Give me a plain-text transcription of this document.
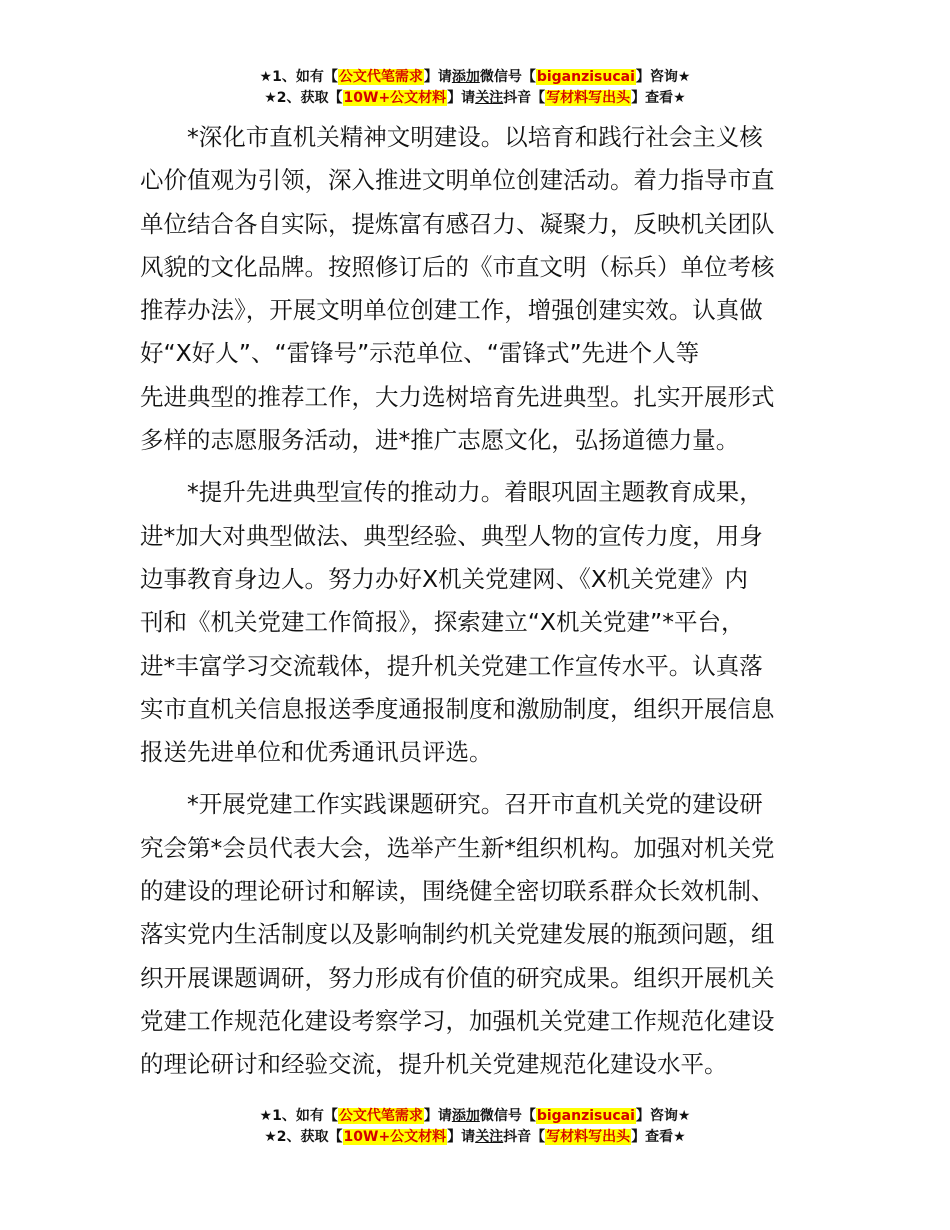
★1、如有【公文代笔需求】请添加微信号【biganzisucai】咨询★
★2、获取【10W+公文材料】请关注抖音【写材料写出头】查看★
*深化市直机关精神文明建设。以培育和践行社会主义核
心价值观为引领，深入推进文明单位创建活动。着力指导市直
单位结合各自实际，提炼富有感召力、凝聚力，反映机关团队
风貌的文化品牌。按照修订后的《市直文明（标兵）单位考核
推荐办法》，开展文明单位创建工作，增强创建实效。认真做
好“X好人”、“雷锋号”示范单位、“雷锋式”先进个人等
先进典型的推荐工作，大力选树培育先进典型。扎实开展形式
多样的志愿服务活动，进*推广志愿文化，弘扬道德力量。
*提升先进典型宣传的推动力。着眼巩固主题教育成果，
进*加大对典型做法、典型经验、典型人物的宣传力度，用身
边事教育身边人。努力办好X机关党建网、《X机关党建》内
刊和《机关党建工作简报》，探索建立“X机关党建”*平台，
进*丰富学习交流载体，提升机关党建工作宣传水平。认真落
实市直机关信息报送季度通报制度和激励制度，组织开展信息
报送先进单位和优秀通讯员评选。
*开展党建工作实践课题研究。召开市直机关党的建设研
究会第*会员代表大会，选举产生新*组织机构。加强对机关党
的建设的理论研讨和解读，围绕健全密切联系群众长效机制、
落实党内生活制度以及影响制约机关党建发展的瓶颈问题，组
织开展课题调研，努力形成有价值的研究成果。组织开展机关
党建工作规范化建设考察学习，加强机关党建工作规范化建设
的理论研讨和经验交流，提升机关党建规范化建设水平。
★1、如有【公文代笔需求】请添加微信号【biganzisucai】咨询★
★2、获取【10W+公文材料】请关注抖音【写材料写出头】查看★
